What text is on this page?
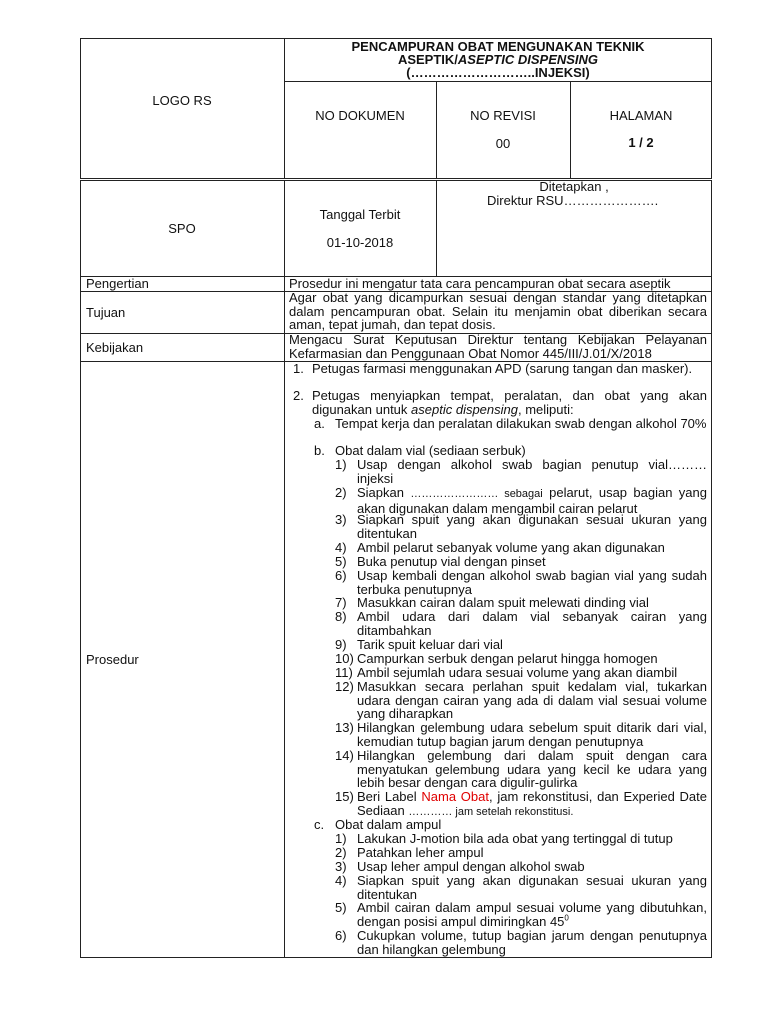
LOGO RS
PENCAMPURAN OBAT MENGUNAKAN TEKNIK
ASEPTIK/ASEPTIC DISPENSING
(………………………..INJEKSI)
NO DOKUMEN	NO REVISI
00
HALAMAN
1 / 2
SPO
Tanggal Terbit
01-10-2018
Ditetapkan ,
Direktur RSU………………….
Pengertian	Prosedur ini mengatur tata cara pencampuran obat secara aseptik
Tujuan
Agar obat yang dicampurkan sesuai dengan standar yang ditetapkan dalam pencampuran obat. Selain itu menjamin obat diberikan secara aman, tepat jumah, dan tepat dosis.
Kebijakan
Mengacu Surat Keputusan Direktur tentang Kebijakan Pelayanan Kefarmasian dan Penggunaan Obat Nomor 445/III/J.01/X/2018
Prosedur
1. Petugas farmasi menggunakan APD (sarung tangan dan masker).
2. Petugas menyiapkan tempat, peralatan, dan obat yang akan digunakan untuk aseptic dispensing, meliputi:
a. Tempat kerja dan peralatan dilakukan swab dengan alkohol 70%
b. Obat dalam vial (sediaan serbuk)
1) Usap dengan alkohol swab bagian penutup vial……… injeksi
2) Siapkan …………………… sebagai pelarut, usap bagian yang akan digunakan dalam mengambil cairan pelarut
3) Siapkan spuit yang akan digunakan sesuai ukuran yang ditentukan
4) Ambil pelarut sebanyak volume yang akan digunakan
5) Buka penutup vial dengan pinset
6) Usap kembali dengan alkohol swab bagian vial yang sudah terbuka penutupnya
7) Masukkan cairan dalam spuit melewati dinding vial
8) Ambil udara dari dalam vial sebanyak cairan yang ditambahkan
9) Tarik spuit keluar dari vial
10) Campurkan serbuk dengan pelarut hingga homogen
11) Ambil sejumlah udara sesuai volume yang akan diambil
12) Masukkan secara perlahan spuit kedalam vial, tukarkan udara dengan cairan yang ada di dalam vial sesuai volume yang diharapkan
13) Hilangkan gelembung udara sebelum spuit ditarik dari vial, kemudian tutup bagian jarum dengan penutupnya
14) Hilangkan gelembung dari dalam spuit dengan cara menyatukan gelembung udara yang kecil ke udara yang lebih besar dengan cara digulir-gulirka
15) Beri Label Nama Obat, jam rekonstitusi, dan Experied Date Sediaan ………… jam setelah rekonstitusi.
c. Obat dalam ampul
1) Lakukan J-motion bila ada obat yang tertinggal di tutup
2) Patahkan leher ampul
3) Usap leher ampul dengan alkohol swab
4) Siapkan spuit yang akan digunakan sesuai ukuran yang ditentukan
5) Ambil cairan dalam ampul sesuai volume yang dibutuhkan, dengan posisi ampul dimiringkan $45^0$
6) Cukupkan volume, tutup bagian jarum dengan penutupnya dan hilangkan gelembung
